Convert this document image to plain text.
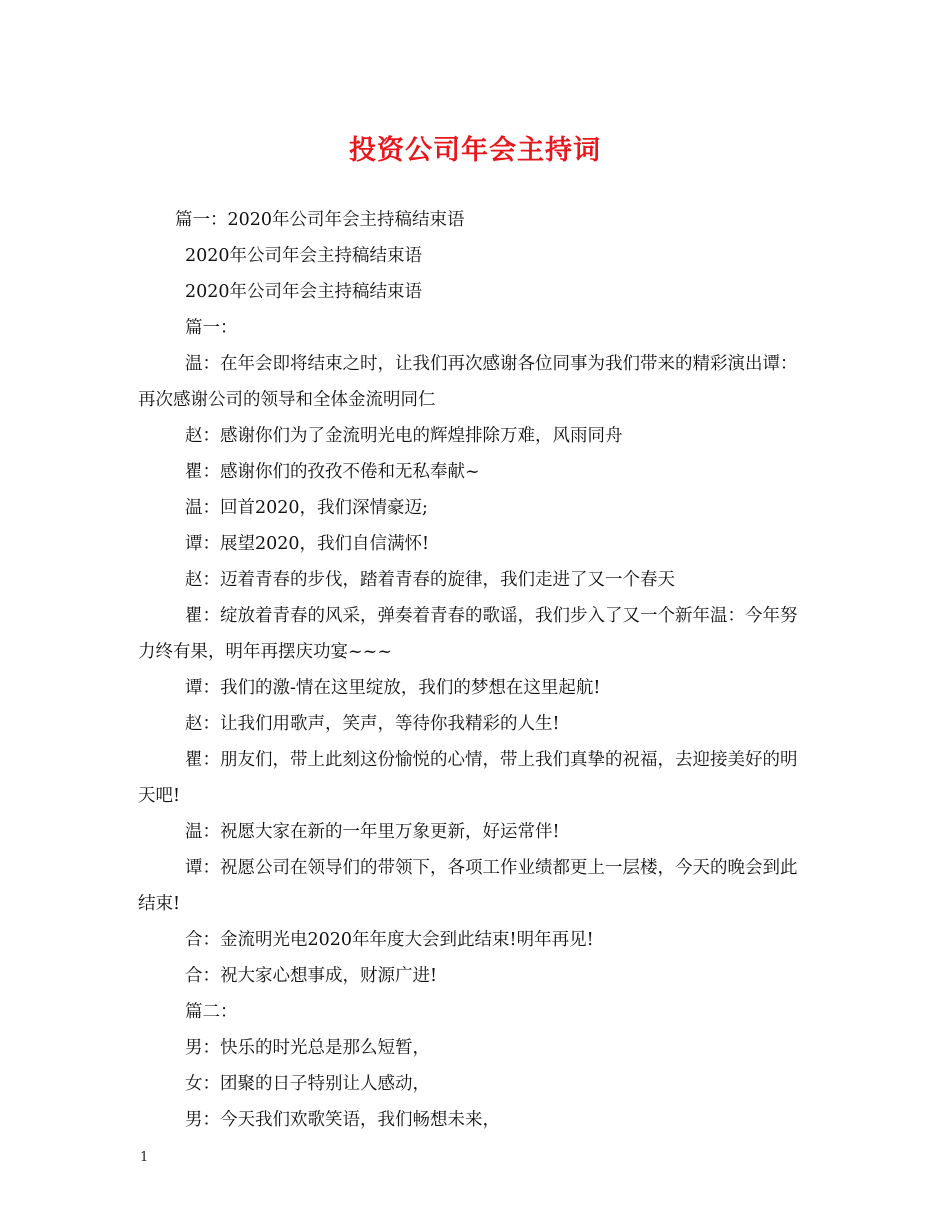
投资公司年会主持词

篇一：2020年公司年会主持稿结束语

2020年公司年会主持稿结束语

2020年公司年会主持稿结束语

篇一：

温：在年会即将结束之时，让我们再次感谢各位同事为我们带来的精彩演出谭：再次感谢公司的领导和全体金流明同仁

赵：感谢你们为了金流明光电的辉煌排除万难，风雨同舟

瞿：感谢你们的孜孜不倦和无私奉献~

温：回首2020，我们深情豪迈;

谭：展望2020，我们自信满怀!

赵：迈着青春的步伐，踏着青春的旋律，我们走进了又一个春天

瞿：绽放着青春的风采，弹奏着青春的歌谣，我们步入了又一个新年温：今年努力终有果，明年再摆庆功宴~~~

谭：我们的激-情在这里绽放，我们的梦想在这里起航!

赵：让我们用歌声，笑声，等待你我精彩的人生!

瞿：朋友们，带上此刻这份愉悦的心情，带上我们真挚的祝福，去迎接美好的明天吧!

温：祝愿大家在新的一年里万象更新，好运常伴!

谭：祝愿公司在领导们的带领下，各项工作业绩都更上一层楼，今天的晚会到此结束!

合：金流明光电2020年年度大会到此结束!明年再见!

合：祝大家心想事成，财源广进!

篇二：

男：快乐的时光总是那么短暂，

女：团聚的日子特别让人感动，

男：今天我们欢歌笑语，我们畅想未来，

1
